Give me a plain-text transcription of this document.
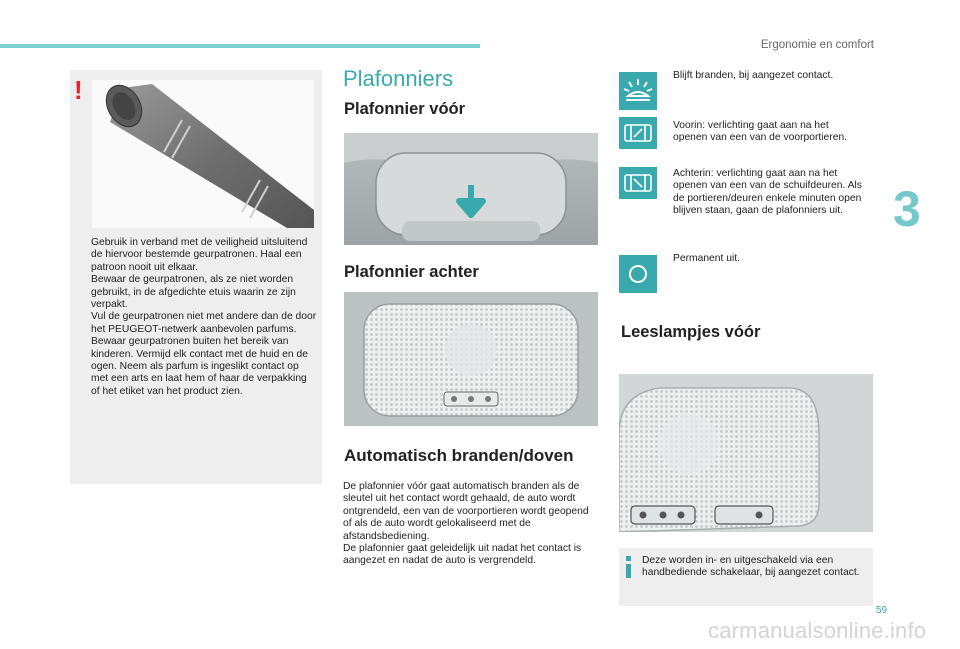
Ergonomie en comfort
3
59
carmanualsonline.info
!

Gebruik in verband met de veiligheid uitsluitend de hiervoor bestemde geurpatronen. Haal een patroon nooit uit elkaar.
Bewaar de geurpatronen, als ze niet worden gebruikt, in de afgedichte etuis waarin ze zijn verpakt.
Vul de geurpatronen niet met andere dan de door het PEUGEOT-netwerk aanbevolen parfums.
Bewaar geurpatronen buiten het bereik van kinderen. Vermijd elk contact met de huid en de ogen. Neem als parfum is ingeslikt contact op met een arts en laat hem of haar de verpakking of het etiket van het product zien.

Plafonniers
Plafonnier vóór
Plafonnier achter
Automatisch branden/doven

De plafonnier vóór gaat automatisch branden als de sleutel uit het contact wordt gehaald, de auto wordt ontgrendeld, een van de voorportieren wordt geopend of als de auto wordt gelokaliseerd met de afstandsbediening.
De plafonnier gaat geleidelijk uit nadat het contact is aangezet en nadat de auto is vergrendeld.

Blijft branden, bij aangezet contact.

Voorin: verlichting gaat aan na het openen van een van de voorportieren.

Achterin: verlichting gaat aan na het openen van een van de schuifdeuren. Als de portieren/deuren enkele minuten open blijven staan, gaan de plafonniers uit.

Permanent uit.

Leeslampjes vóór

Deze worden in- en uitgeschakeld via een handbediende schakelaar, bij aangezet contact.
